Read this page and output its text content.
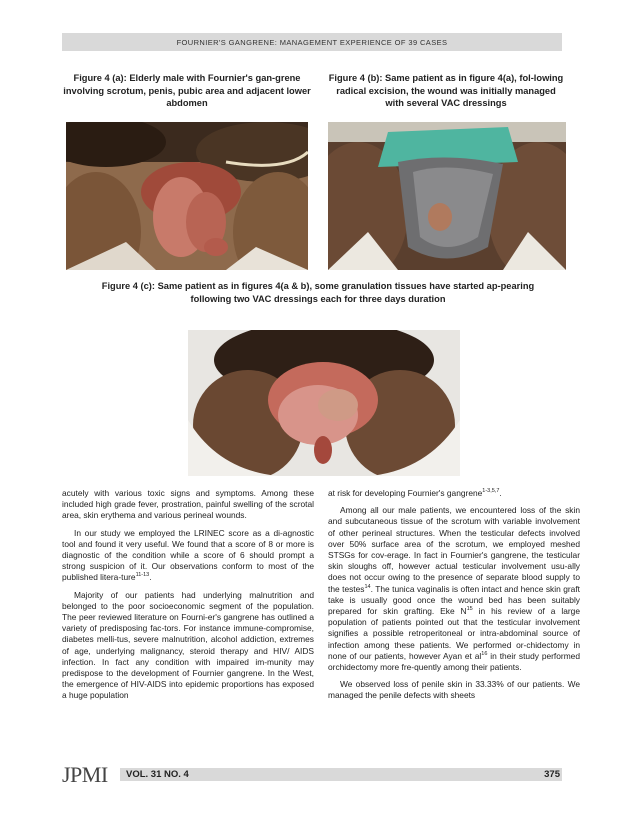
FOURNIER'S GANGRENE: MANAGEMENT EXPERIENCE OF 39 CASES
Figure 4 (a): Elderly male with Fournier's gan-grene involving scrotum, penis, pubic area and adjacent lower abdomen
Figure 4 (b): Same patient as in figure 4(a), fol-lowing radical excision, the wound was initially managed with several VAC dressings
Figure 4 (c): Same patient as in figures 4(a & b), some granulation tissues have started ap-pearing following two VAC dressings each for three days duration

acutely with various toxic signs and symptoms. Among these included high grade fever, prostration, painful swelling of the scrotal area, skin erythema and various perineal wounds.

In our study we employed the LRINEC score as a di-agnostic tool and found it very useful. We found that a score of 8 or more is diagnostic of the condition while a score of 6 should prompt a strong suspicion of it. Our observations conform to most of the published litera-ture$^{11-13}$.

Majority of our patients had underlying malnutrition and belonged to the poor socioeconomic segment of the population. The peer reviewed literature on Fourni-er's gangrene has outlined a variety of predisposing fac-tors. For instance immune-compromise, diabetes melli-tus, severe malnutrition, alcohol addiction, extremes of age, underlying malignancy, steroid therapy and HIV/ AIDS infection. In fact any condition with impaired im-munity may predispose to the development of Fournier gangrene. In the West, the emergence of HIV-AIDS into epidemic proportions has exposed a huge population

at risk for developing Fournier's gangrene$^{1-3,5,7}$.

Among all our male patients, we encountered loss of the skin and subcutaneous tissue of the scrotum with variable involvement of other perineal structures. When the testicular defects involved over 50% surface area of the scrotum, we employed meshed STSGs for cov-erage. In fact in Fournier's gangrene, the testicular skin sloughs off, however actual testicular involvement usu-ally does not occur owing to the presence of separate blood supply to the testes$^{14}$. The tunica vaginalis is often intact and hence skin graft take is usually good once the wound bed has been suitably prepared for skin grafting. Eke $N^{15}$ in his review of a large population of patients pointed out that the testicular involvement signifies a possible retroperitoneal or intra-abdominal source of infection among these patients. We performed or-chidectomy in none of our patients, however Ayan et $al^{16}$ in their study performed orchidectomy more fre-quently among their patients.

We observed loss of penile skin in 33.33% of our patients. We managed the penile defects with sheets

JPMI VOL. 31 NO. 4	375
